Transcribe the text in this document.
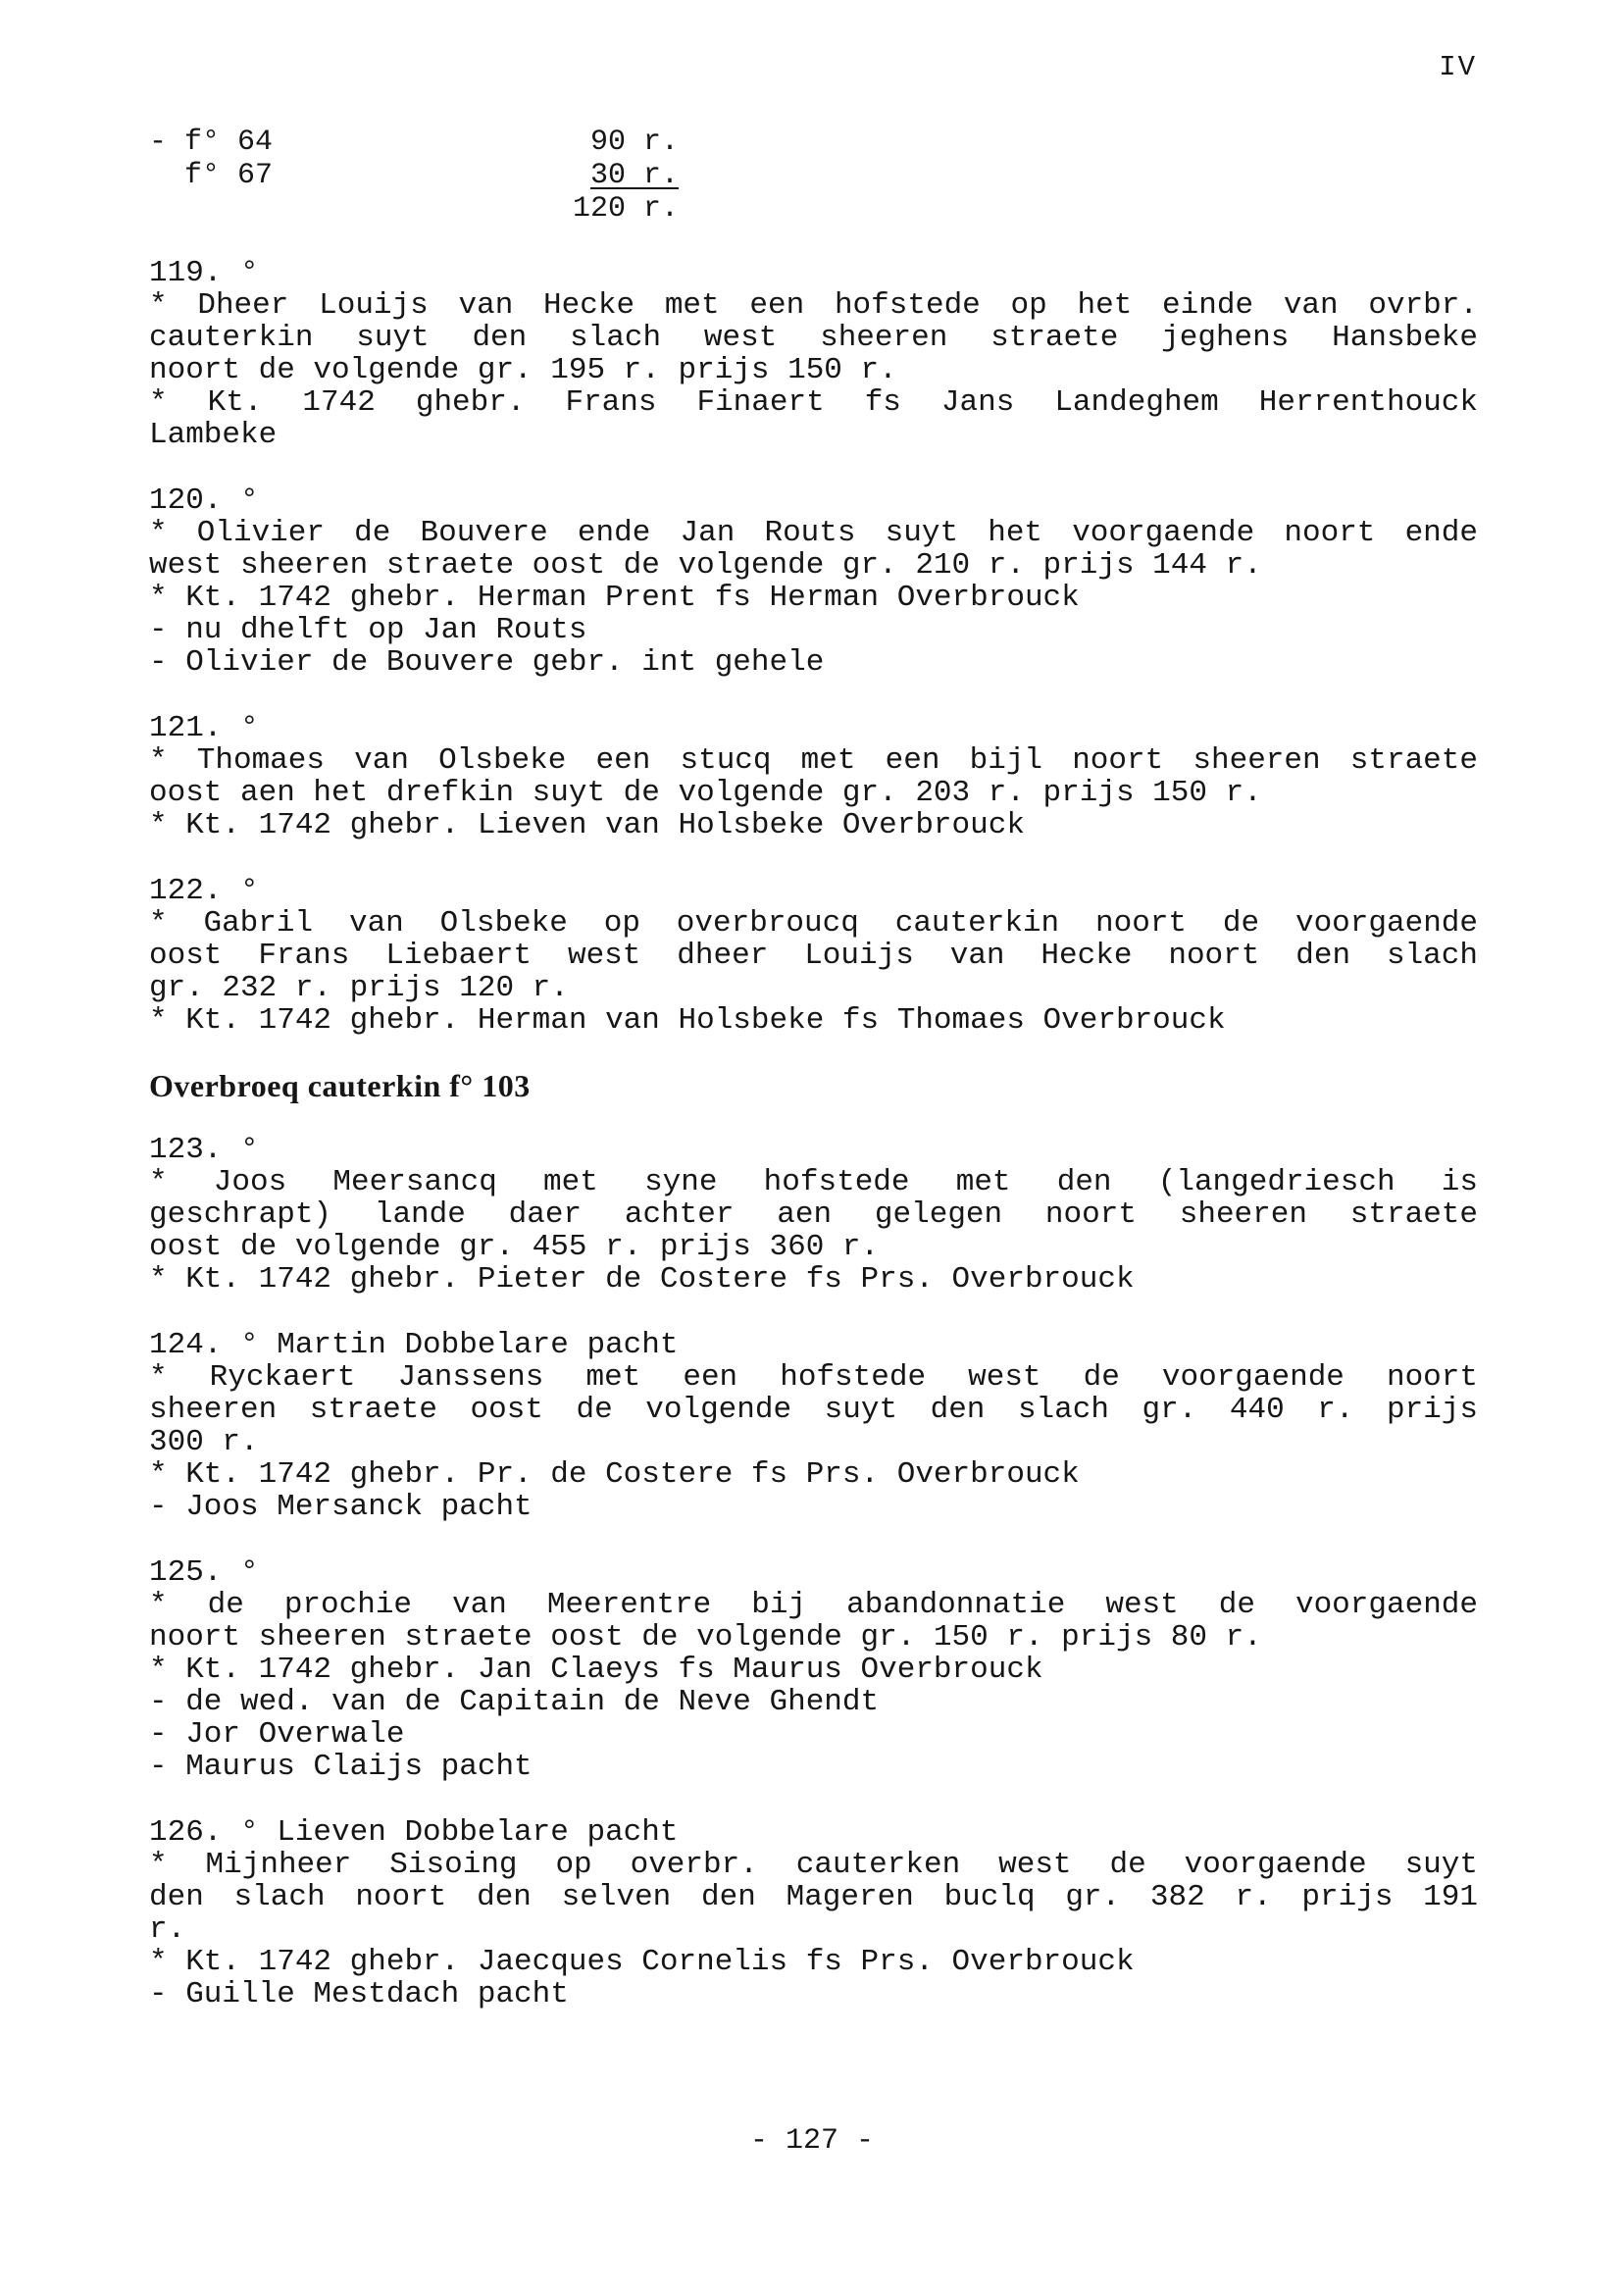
IV
- f° 64	90 r.
f° 67	30 r.
120 r.
119. °
* Dheer Louijs van Hecke met een hofstede op het einde van ovrbr.
cauterkin suyt den slach west sheeren straete jeghens Hansbeke
noort de volgende gr. 195 r. prijs 150 r.
* Kt. 1742 ghebr. Frans Finaert fs Jans Landeghem Herrenthouck
Lambeke
120. °
* Olivier de Bouvere ende Jan Routs suyt het voorgaende noort ende
west sheeren straete oost de volgende gr. 210 r. prijs 144 r.
* Kt. 1742 ghebr. Herman Prent fs Herman Overbrouck
- nu dhelft op Jan Routs
- Olivier de Bouvere gebr. int gehele
121. °
* Thomaes van Olsbeke een stucq met een bijl noort sheeren straete
oost aen het drefkin suyt de volgende gr. 203 r. prijs 150 r.
* Kt. 1742 ghebr. Lieven van Holsbeke Overbrouck
122. °
* Gabril van Olsbeke op overbroucq cauterkin noort de voorgaende
oost Frans Liebaert west dheer Louijs van Hecke noort den slach
gr. 232 r. prijs 120 r.
* Kt. 1742 ghebr. Herman van Holsbeke fs Thomaes Overbrouck
Overbroeq cauterkin f° 103
123. °
* Joos Meersancq met syne hofstede met den (langedriesch is
geschrapt) lande daer achter aen gelegen noort sheeren straete
oost de volgende gr. 455 r. prijs 360 r.
* Kt. 1742 ghebr. Pieter de Costere fs Prs. Overbrouck
124. ° Martin Dobbelare pacht
* Ryckaert Janssens met een hofstede west de voorgaende noort
sheeren straete oost de volgende suyt den slach gr. 440 r. prijs
300 r.
* Kt. 1742 ghebr. Pr. de Costere fs Prs. Overbrouck
- Joos Mersanck pacht
125. °
* de prochie van Meerentre bij abandonnatie west de voorgaende
noort sheeren straete oost de volgende gr. 150 r. prijs 80 r.
* Kt. 1742 ghebr. Jan Claeys fs Maurus Overbrouck
- de wed. van de Capitain de Neve Ghendt
- Jor Overwale
- Maurus Claijs pacht
126. ° Lieven Dobbelare pacht
* Mijnheer Sisoing op overbr. cauterken west de voorgaende suyt
den slach noort den selven den Mageren buclq gr. 382 r. prijs 191
r.
* Kt. 1742 ghebr. Jaecques Cornelis fs Prs. Overbrouck
- Guille Mestdach pacht
- 127 -
